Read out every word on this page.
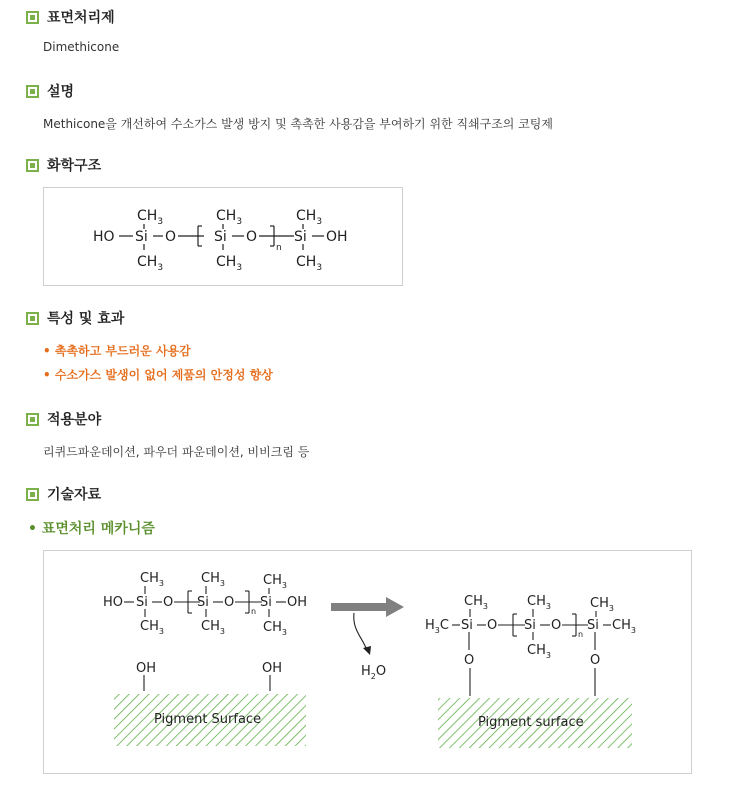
표면처리제
Dimethicone
설명
Methicone을 개선하여 수소가스 발생 방지 및 촉촉한 사용감을 부여하기 위한 직쇄구조의 코팅제
화학구조
$CH_3$
HO Si O
$CH_3$
$CH_3$
Si O
$CH_3$
n
$CH_3$
Si OH
$CH_3$
특성 및 효과
• 촉촉하고 부드러운 사용감
• 수소가스 발생이 없어 제품의 안정성 향상
적용분야
리퀴드파운데이션, 파우더 파운데이션, 비비크림 등
기술자료
• 표면처리 메카니즘
$CH_3$
HO Si O
$CH_3$
$CH_3$
Si O
$CH_3$
n
$CH_3$
Si OH
$CH_3$
OH	OH
Pigment Surface
$H_2O$
$H_3C$
$CH_3$
Si O
O
$CH_3$
Si O
$CH_3$
n
$CH_3$
Si $CH_3$
O
Pigment surface
